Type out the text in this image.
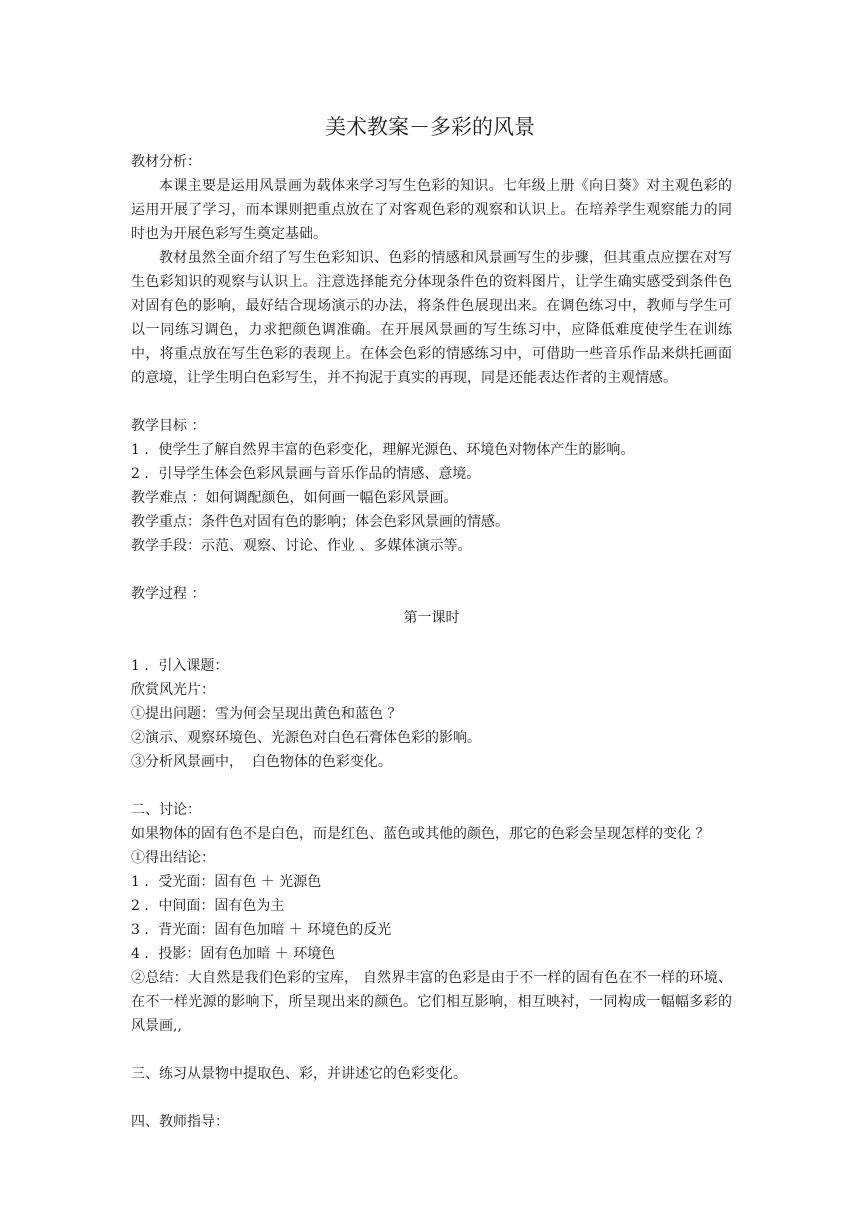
美术教案－多彩的风景

教材分析：

本课主要是运用风景画为载体来学习写生色彩的知识。七年级上册《向日葵》对主观色彩的运用开展了学习，而本课则把重点放在了对客观色彩的观察和认识上。在培养学生观察能力的同时也为开展色彩写生奠定基础。

教材虽然全面介绍了写生色彩知识、色彩的情感和风景画写生的步骤，但其重点应摆在对写生色彩知识的观察与认识上。注意选择能充分体现条件色的资料图片，让学生确实感受到条件色对固有色的影响，最好结合现场演示的办法，将条件色展现出来。在调色练习中，教师与学生可以一同练习调色，力求把颜色调准确。在开展风景画的写生练习中，应降低难度使学生在训练中，将重点放在写生色彩的表现上。在体会色彩的情感练习中，可借助一些音乐作品来烘托画面的意境，让学生明白色彩写生，并不拘泥于真实的再现，同是还能表达作者的主观情感。

教学目标 ：

1 ．使学生了解自然界丰富的色彩变化，理解光源色、环境色对物体产生的影响。

2 ．引导学生体会色彩风景画与音乐作品的情感、意境。

教学难点 ：如何调配颜色，如何画一幅色彩风景画。

教学重点：条件色对固有色的影响；体会色彩风景画的情感。

教学手段：示范、观察、讨论、作业 、多媒体演示等。

教学过程 ：

第一课时

1 ．引入课题：

欣赏风光片：

①提出问题：雪为何会呈现出黄色和蓝色 ？

②演示、观察环境色、光源色对白色石膏体色彩的影响。

③分析风景画中，  白色物体的色彩变化。

二、讨论：

如果物体的固有色不是白色，而是红色、蓝色或其他的颜色，那它的色彩会呈现怎样的变化 ？

①得出结论：

1 ．受光面：固有色 ＋ 光源色

2 ．中间面：固有色为主

3 ．背光面：固有色加暗 ＋ 环境色的反光

4 ．投影：固有色加暗 ＋ 环境色

②总结：大自然是我们色彩的宝库， 自然界丰富的色彩是由于不一样的固有色在不一样的环境、在不一样光源的影响下，所呈现出来的颜色。它们相互影响，相互映衬，一同构成一幅幅多彩的风景画,,

三、练习从景物中提取色、彩，并讲述它的色彩变化。

四、教师指导：
